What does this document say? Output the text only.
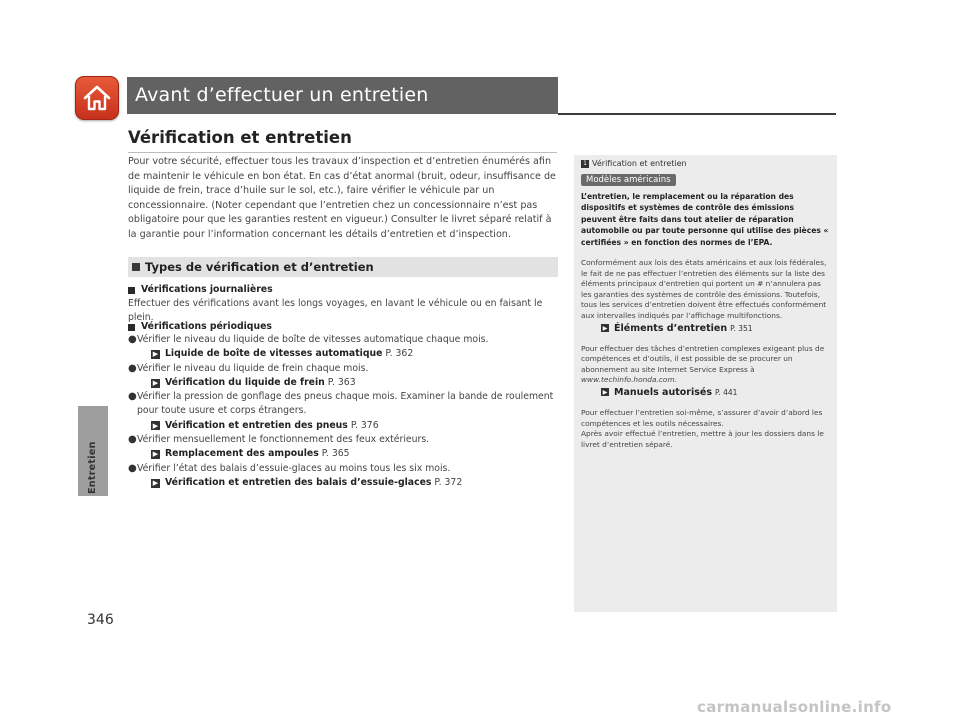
Avant d’effectuer un entretien
Entretien
346
Vérification et entretien
Pour votre sécurité, effectuer tous les travaux d’inspection et d’entretien énumérés afin de maintenir le véhicule en bon état. En cas d’état anormal (bruit, odeur, insuffisance de liquide de frein, trace d’huile sur le sol, etc.), faire vérifier le véhicule par un concessionnaire. (Noter cependant que l’entretien chez un concessionnaire n’est pas obligatoire pour que les garanties restent en vigueur.) Consulter le livret séparé relatif à la garantie pour l’information concernant les détails d’entretien et d’inspection.
Types de vérification et d’entretien
Vérifications journalières

Effectuer des vérifications avant les longs voyages, en lavant le véhicule ou en faisant le plein.

Vérifications périodiques
● Vérifier le niveau du liquide de boîte de vitesses automatique chaque mois.
▶ Liquide de boîte de vitesses automatique P. 362
● Vérifier le niveau du liquide de frein chaque mois.
▶ Vérification du liquide de frein P. 363
● Vérifier la pression de gonflage des pneus chaque mois. Examiner la bande de roulement pour toute usure et corps étrangers.
▶ Vérification et entretien des pneus P. 376
● Vérifier mensuellement le fonctionnement des feux extérieurs.
▶ Remplacement des ampoules P. 365
● Vérifier l’état des balais d’essuie-glaces au moins tous les six mois.
▶ Vérification et entretien des balais d’essuie-glaces P. 372
1 Vérification et entretien
Modèles américains
L’entretien, le remplacement ou la réparation des dispositifs et systèmes de contrôle des émissions peuvent être faits dans tout atelier de réparation automobile ou par toute personne qui utilise des pièces « certifiées » en fonction des normes de l’EPA.
Conformément aux lois des états américains et aux lois fédérales, le fait de ne pas effectuer l’entretien des éléments sur la liste des éléments principaux d’entretien qui portent un # n’annulera pas les garanties des systèmes de contrôle des émissions. Toutefois, tous les services d’entretien doivent être effectués conformément aux intervalles indiqués par l’affichage multifonctions.
▶ Éléments d’entretien P. 351
Pour effectuer des tâches d’entretien complexes exigeant plus de compétences et d’outils, il est possible de se procurer un abonnement au site Internet Service Express à www.techinfo.honda.com.
▶ Manuels autorisés P. 441
Pour effectuer l’entretien soi-même, s’assurer d’avoir d’abord les compétences et les outils nécessaires.
Après avoir effectué l’entretien, mettre à jour les dossiers dans le livret d’entretien séparé.
carmanualsonline.info
